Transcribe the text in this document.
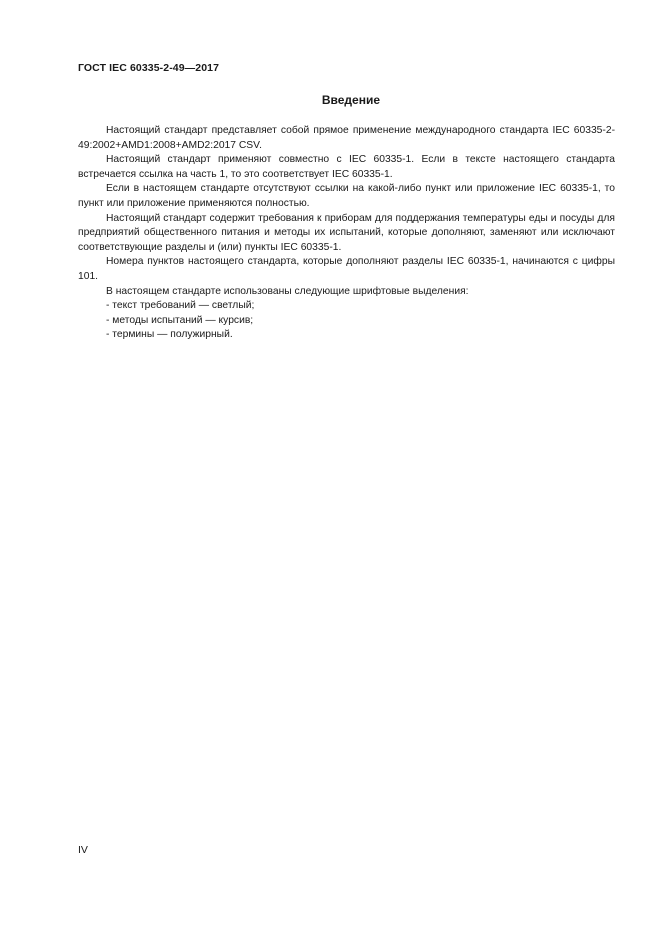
ГОСТ IEC 60335-2-49—2017
Введение

Настоящий стандарт представляет собой прямое применение международного стандарта IEC 60335-2-49:2002+AMD1:2008+AMD2:2017 CSV.

Настоящий стандарт применяют совместно с IEC 60335-1. Если в тексте настоящего стандарта встречается ссылка на часть 1, то это соответствует IEC 60335-1.

Если в настоящем стандарте отсутствуют ссылки на какой-либо пункт или приложение IEC 60335-1, то пункт или приложение применяются полностью.

Настоящий стандарт содержит требования к приборам для поддержания температуры еды и посуды для предприятий общественного питания и методы их испытаний, которые дополняют, заменяют или исключают соответствующие разделы и (или) пункты IEC 60335-1.

Номера пунктов настоящего стандарта, которые дополняют разделы IEC 60335-1, начинаются с цифры 101.

В настоящем стандарте использованы следующие шрифтовые выделения:

- текст требований — светлый;

- методы испытаний — курсив;

- термины — полужирный.

IV
